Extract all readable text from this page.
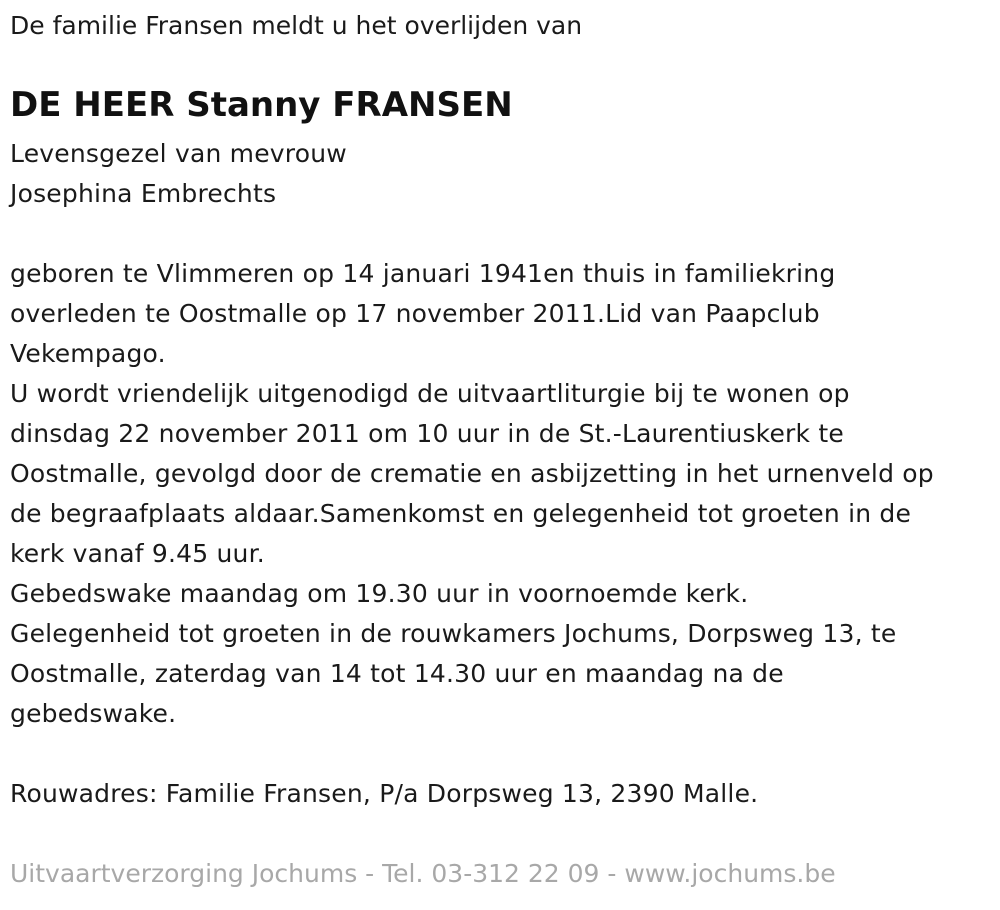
De familie Fransen meldt u het overlijden van
DE HEER Stanny FRANSEN
Levensgezel van mevrouw
Josephina Embrechts
geboren te Vlimmeren op 14 januari 1941en thuis in familiekring
overleden te Oostmalle op 17 november 2011.Lid van Paapclub
Vekempago.
U wordt vriendelijk uitgenodigd de uitvaartliturgie bij te wonen op
dinsdag 22 november 2011 om 10 uur in de St.-Laurentiuskerk te
Oostmalle, gevolgd door de crematie en asbijzetting in het urnenveld op
de begraafplaats aldaar.Samenkomst en gelegenheid tot groeten in de
kerk vanaf 9.45 uur.
Gebedswake maandag om 19.30 uur in voornoemde kerk.
Gelegenheid tot groeten in de rouwkamers Jochums, Dorpsweg 13, te
Oostmalle, zaterdag van 14 tot 14.30 uur en maandag na de
gebedswake.
Rouwadres: Familie Fransen, P/a Dorpsweg 13, 2390 Malle.
Uitvaartverzorging Jochums - Tel. 03-312 22 09 - www.jochums.be
